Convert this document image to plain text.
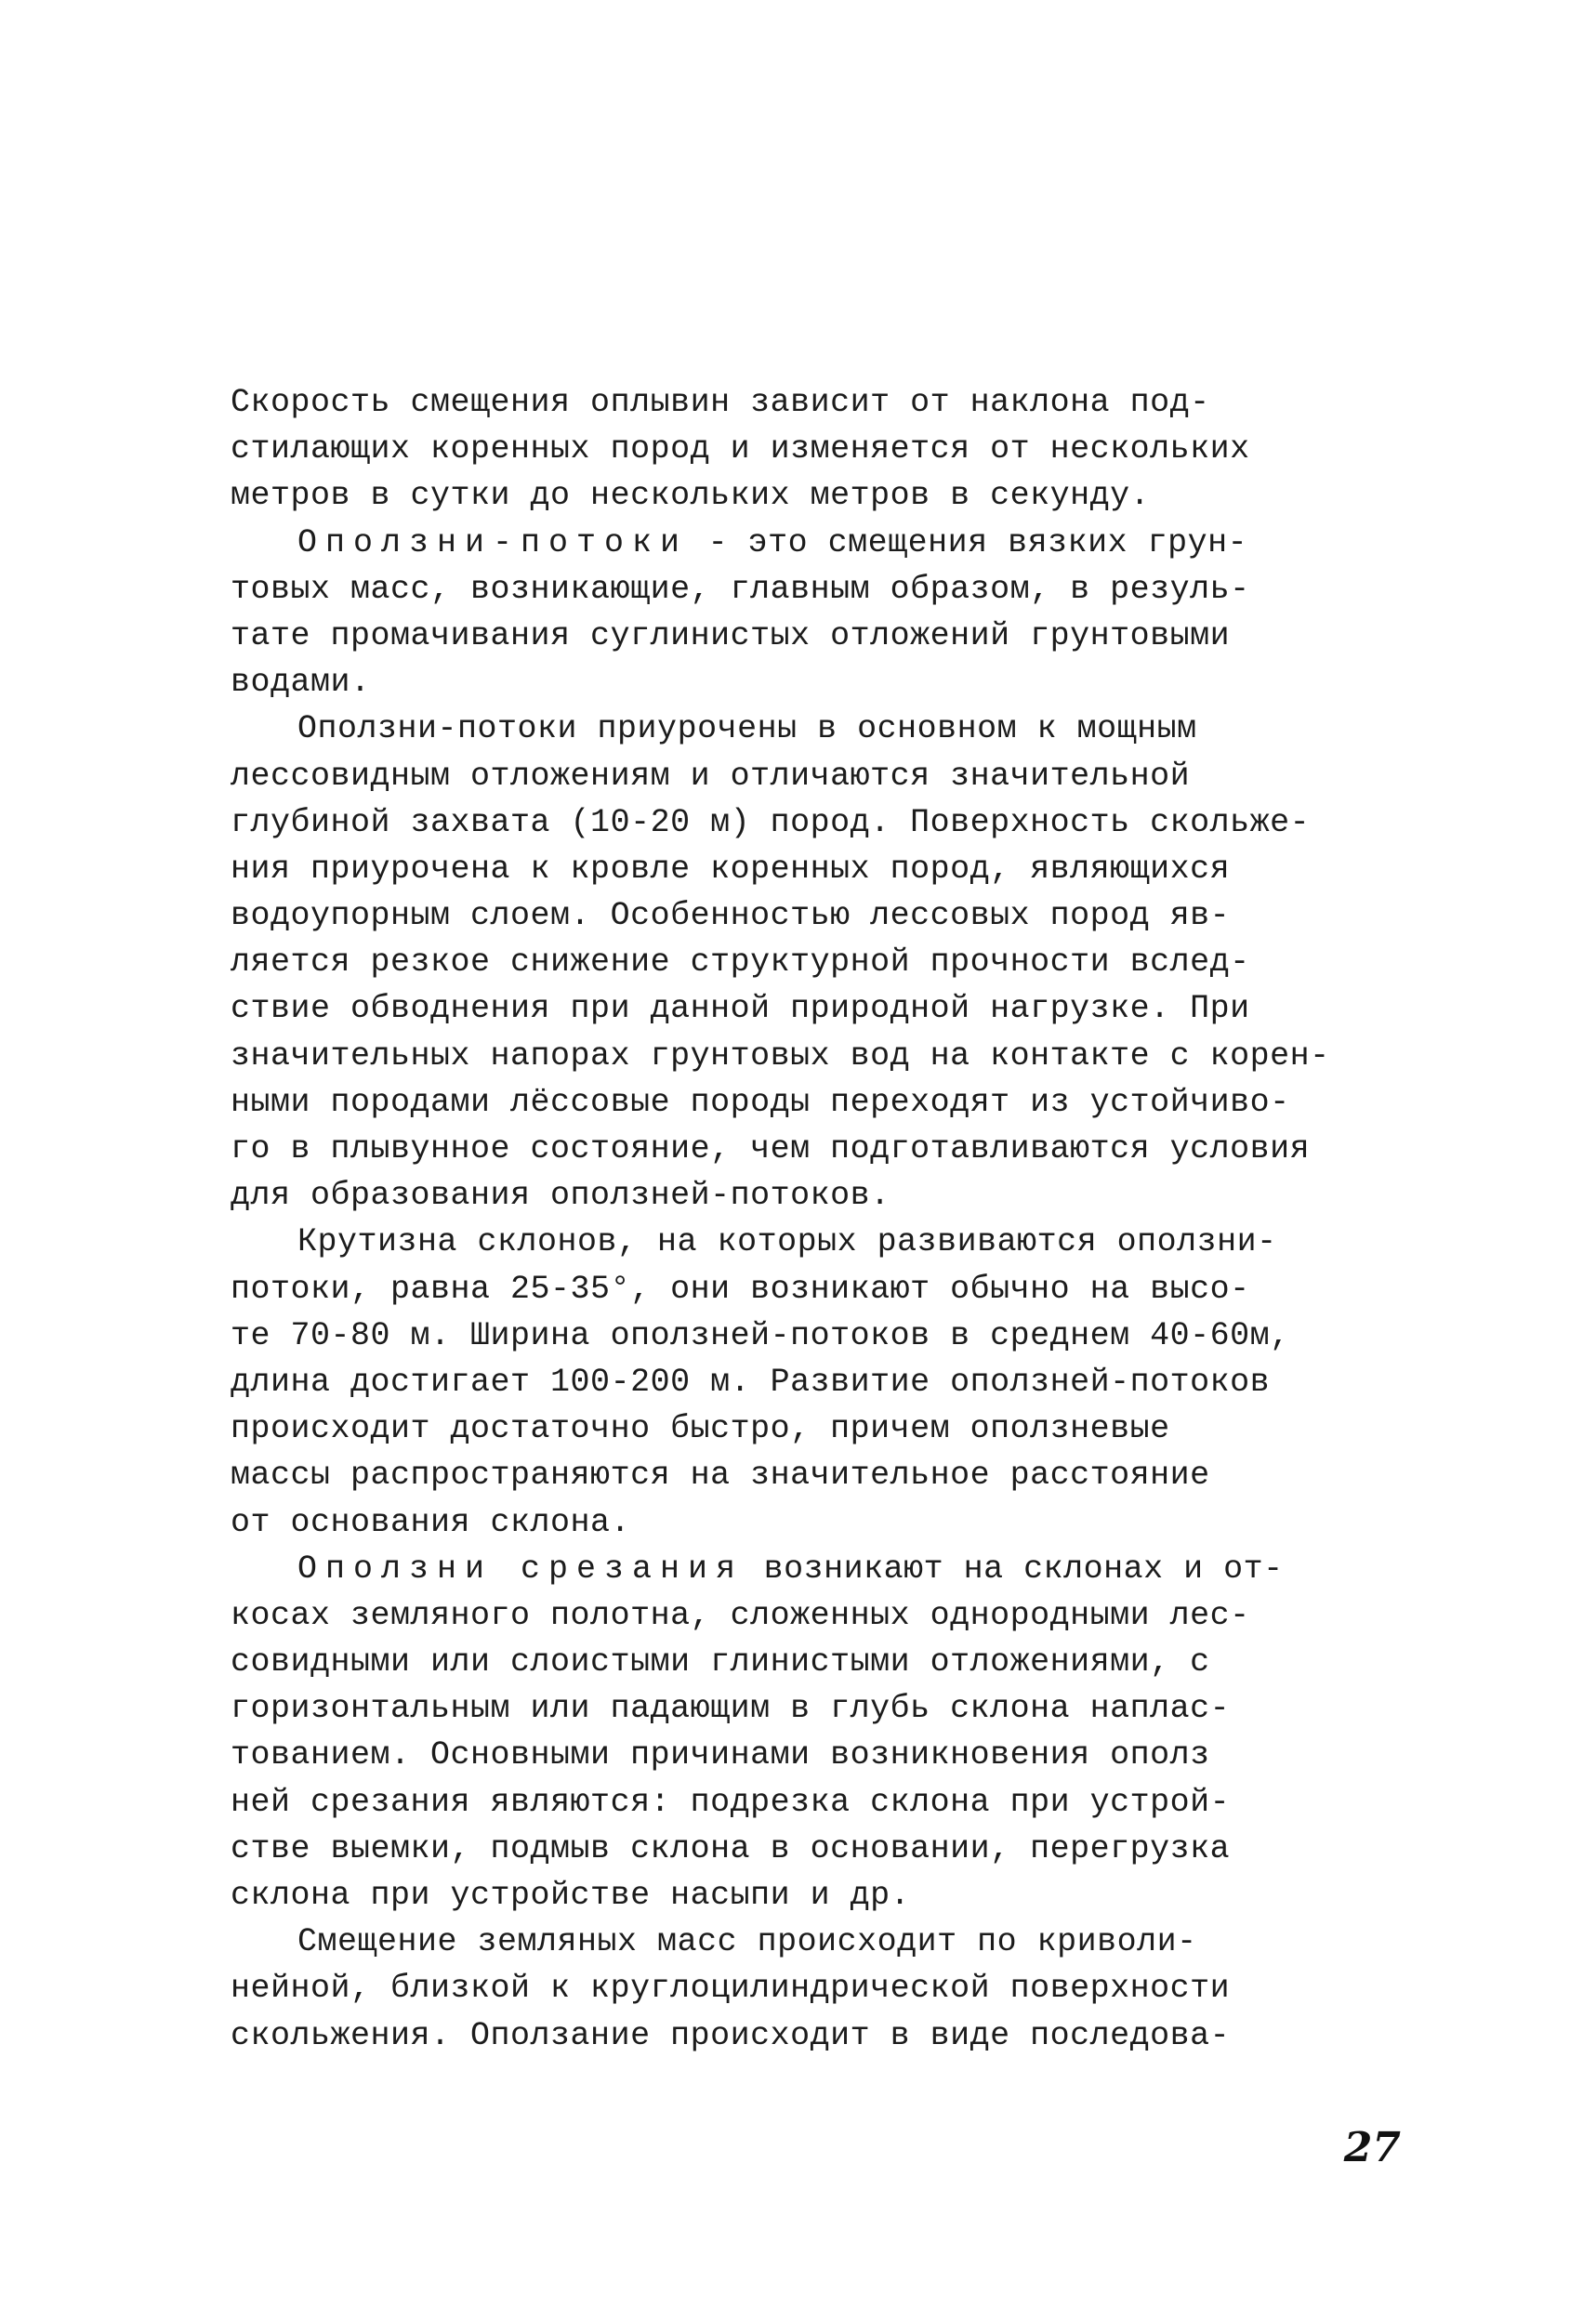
Скорость смещения оплывин зависит от наклона под-
стилающих коренных пород и изменяется от нескольких
метров в сутки до нескольких метров в секунду.
Оползни-потоки - это смещения вязких грун-
товых масс, возникающие, главным образом, в резуль-
тате промачивания суглинистых отложений грунтовыми
водами.
Оползни-потоки приурочены в основном к мощным
лессовидным отложениям и отличаются значительной
глубиной захвата (10-20 м) пород. Поверхность скольже-
ния приурочена к кровле коренных пород, являющихся
водоупорным слоем. Особенностью лессовых пород яв-
ляется резкое снижение структурной прочности вслед-
ствие обводнения при данной природной нагрузке. При
значительных напорах грунтовых вод на контакте с корен-
ными породами лёссовые породы переходят из устойчиво-
го в плывунное состояние, чем подготавливаются условия
для образования оползней-потоков.
Крутизна склонов, на которых развиваются оползни-
потоки, равна 25-35°, они возникают обычно на высо-
те 70-80 м. Ширина оползней-потоков в среднем 40-60м,
длина достигает 100-200 м. Развитие оползней-потоков
происходит достаточно быстро, причем оползневые
массы распространяются на значительное расстояние
от основания склона.
Оползни срезания возникают на склонах и от-
косах земляного полотна, сложенных однородными лес-
совидными или слоистыми глинистыми отложениями, с
горизонтальным или падающим в глубь склона наплас-
тованием. Основными причинами возникновения ополз
ней срезания являются: подрезка склона при устрой-
стве выемки, подмыв склона в основании, перегрузка
склона при устройстве насыпи и др.
Смещение земляных масс происходит по криволи-
нейной, близкой к круглоцилиндрической поверхности
скольжения. Оползание происходит в виде последова-
27
